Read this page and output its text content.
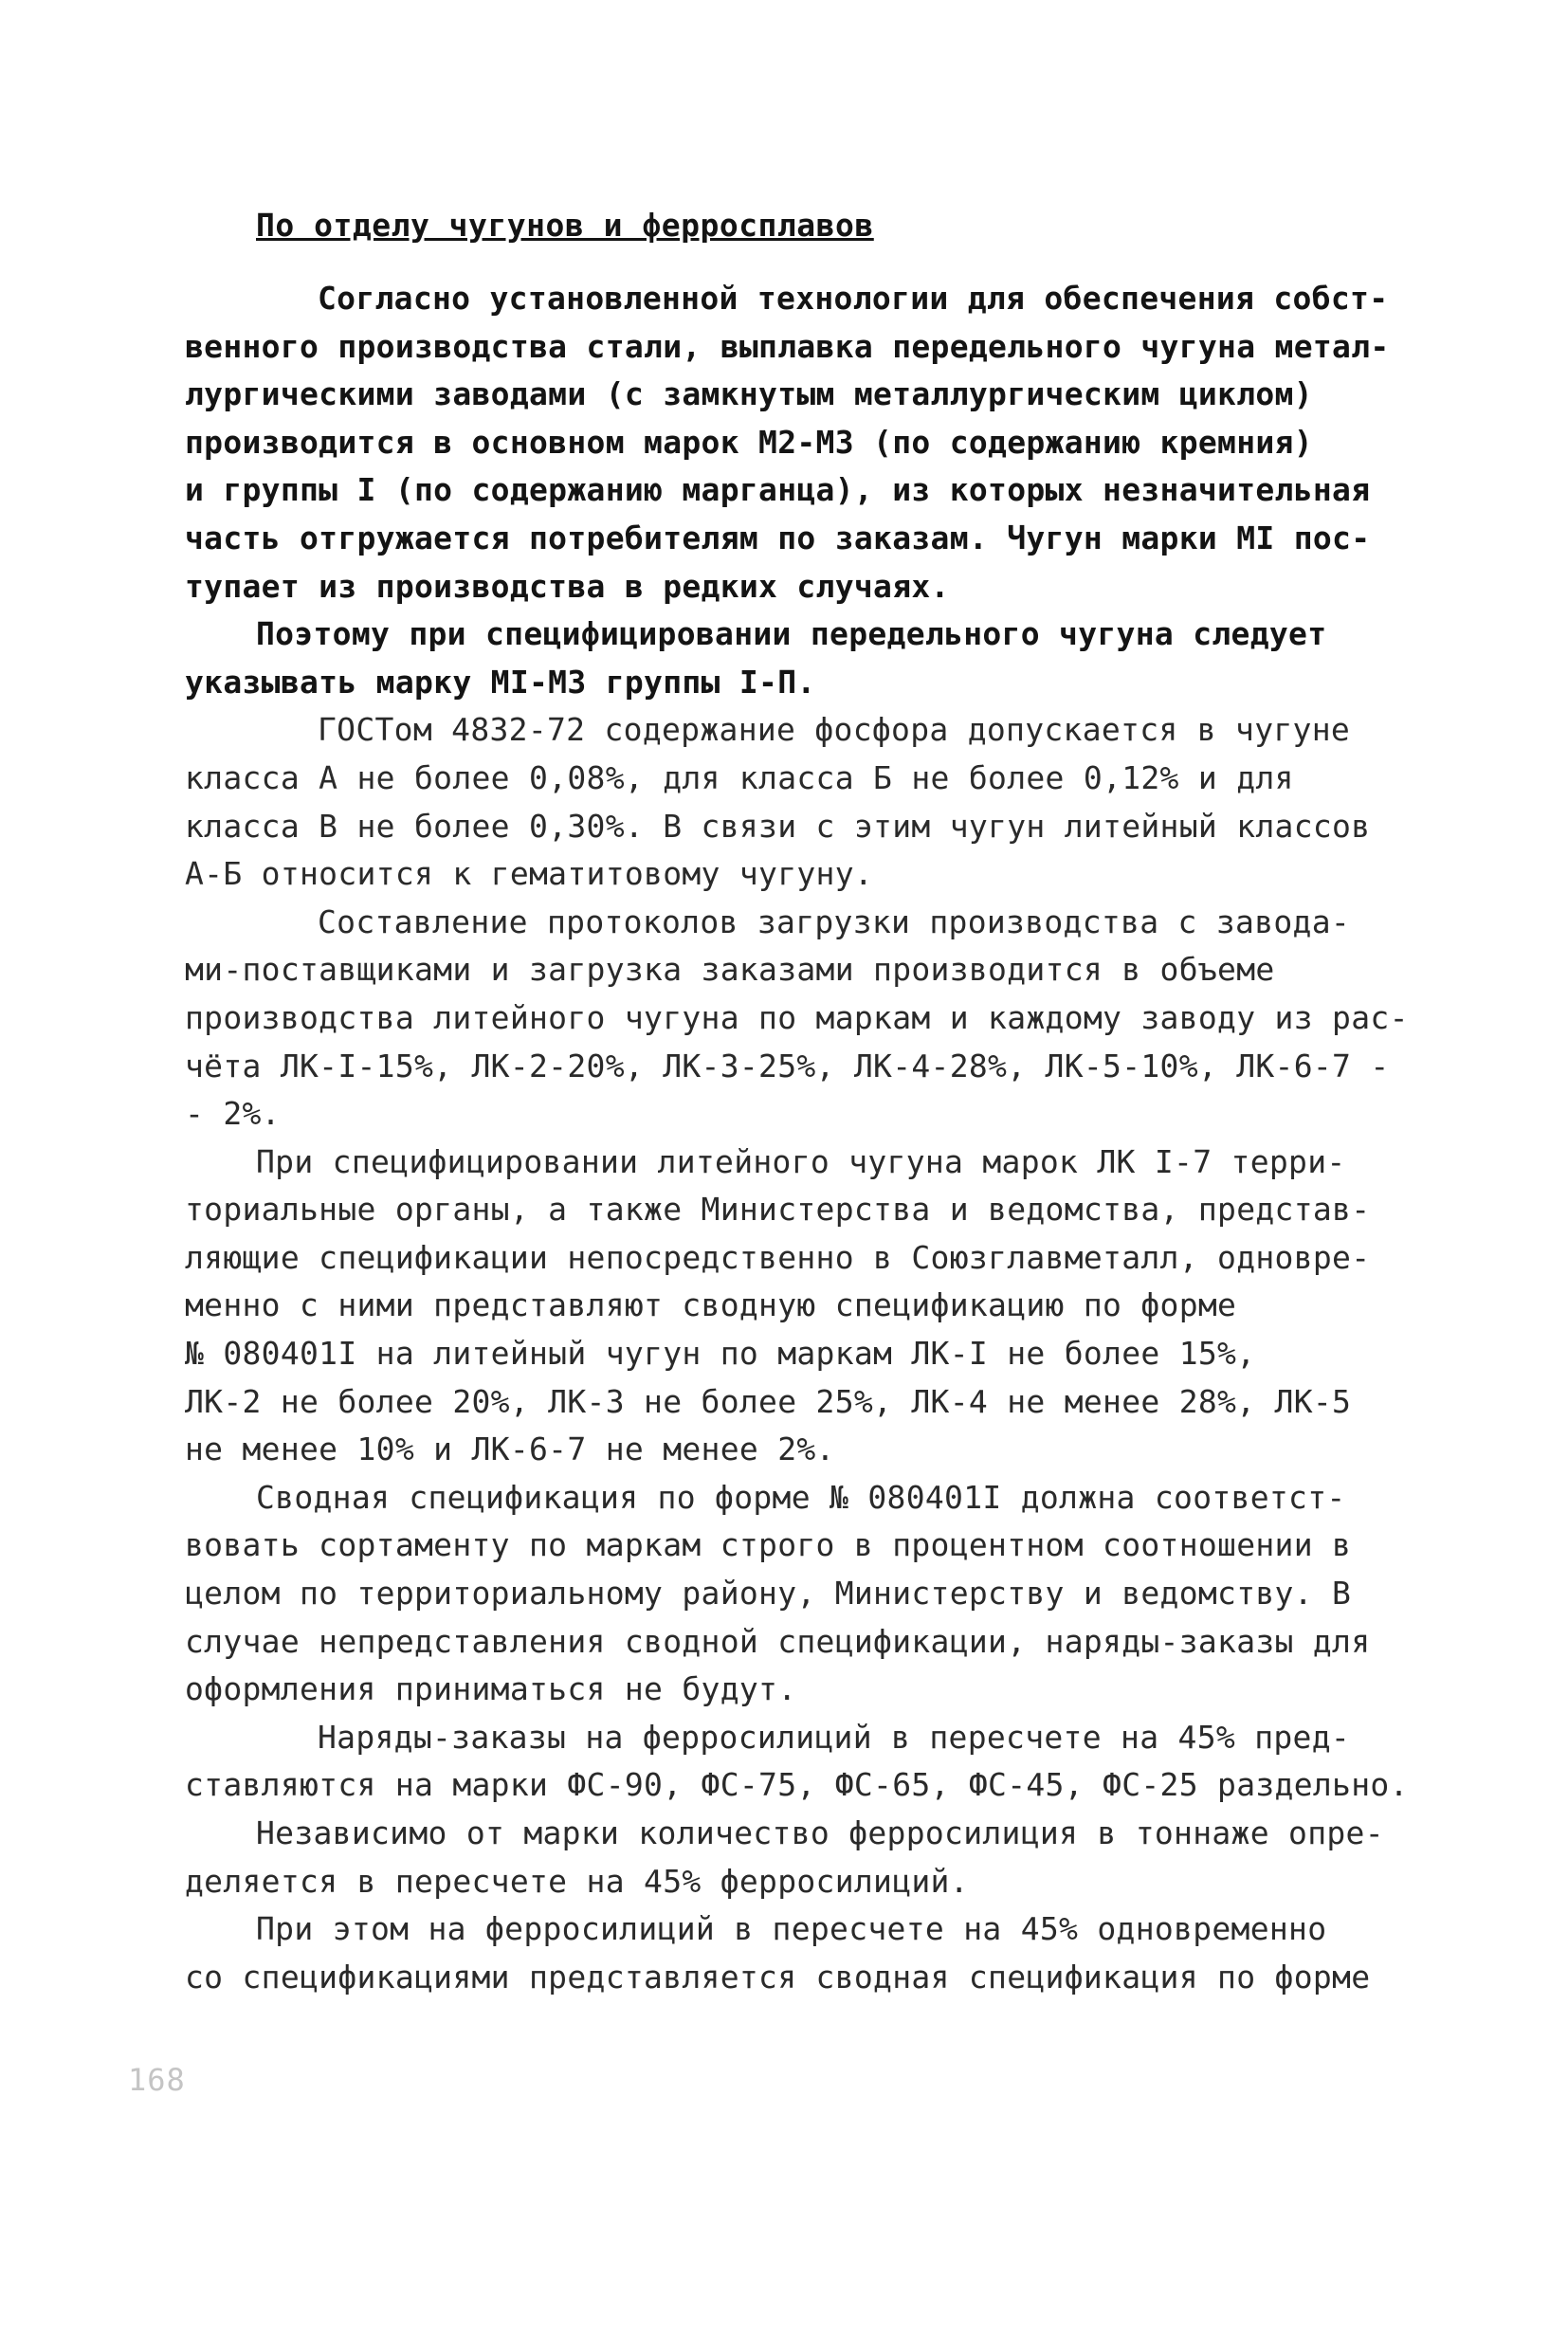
По отделу чугунов и ферросплавов
Согласно установленной технологии для обеспечения собст-
венного производства стали, выплавка передельного чугуна метал-
лургическими заводами (с замкнутым металлургическим циклом)
производится в основном марок М2-М3 (по содержанию кремния)
и группы I (по содержанию марганца), из которых незначительная
часть отгружается потребителям по заказам. Чугун марки МI пос-
тупает из производства в редких случаях.
Поэтому при специфицировании передельного чугуна следует
указывать марку МI-М3 группы I-П.
ГОСТом 4832-72 содержание фосфора допускается в чугуне
класса А не более 0,08%, для класса Б не более 0,12% и для
класса В не более 0,30%. В связи с этим чугун литейный классов
А-Б относится к гематитовому чугуну.
Составление протоколов загрузки производства с завода-
ми-поставщиками и загрузка заказами производится в объеме
производства литейного чугуна по маркам и каждому заводу из рас-
чёта ЛК-I-15%, ЛК-2-20%, ЛК-3-25%, ЛК-4-28%, ЛК-5-10%, ЛК-6-7 -
- 2%.
При специфицировании литейного чугуна марок ЛК I-7 терри-
ториальные органы, а также Министерства и ведомства, представ-
ляющие спецификации непосредственно в Союзглавметалл, одновре-
менно с ними представляют сводную спецификацию по форме
№ 080401I на литейный чугун по маркам ЛК-I не более 15%,
ЛК-2 не более 20%, ЛК-3 не более 25%, ЛК-4 не менее 28%, ЛК-5
не менее 10% и ЛК-6-7 не менее 2%.
Сводная спецификация по форме № 080401I должна соответст-
вовать сортаменту по маркам строго в процентном соотношении в
целом по территориальному району, Министерству и ведомству. В
случае непредставления сводной спецификации, наряды-заказы для
оформления приниматься не будут.
Наряды-заказы на ферросилиций в пересчете на 45% пред-
ставляются на марки ФС-90, ФС-75, ФС-65, ФС-45, ФС-25 раздельно.
Независимо от марки количество ферросилиция в тоннаже опре-
деляется в пересчете на 45% ферросилиций.
При этом на ферросилиций в пересчете на 45% одновременно
со спецификациями представляется сводная спецификация по форме
168
